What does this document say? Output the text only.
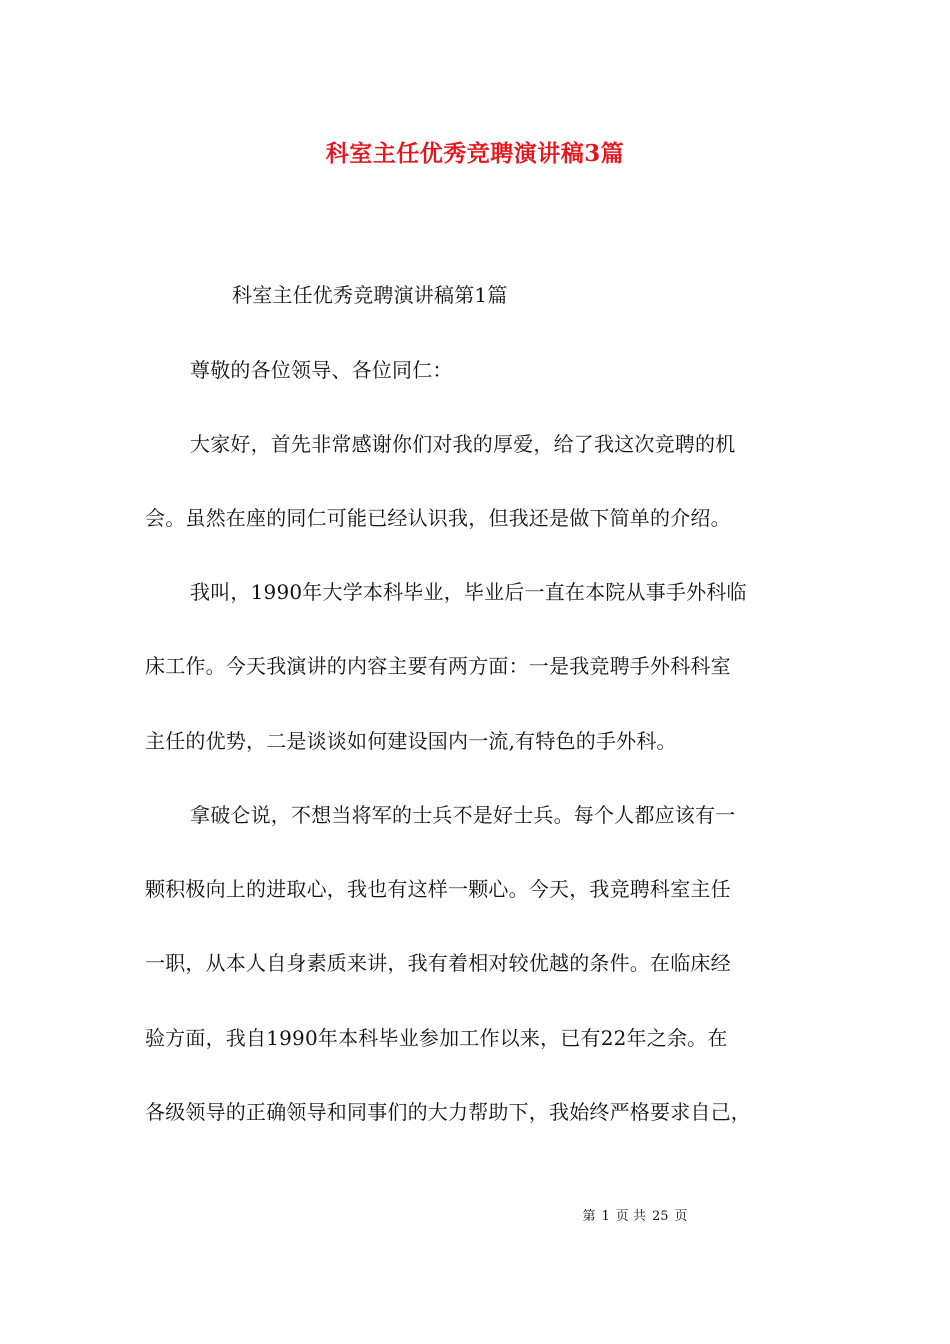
科室主任优秀竞聘演讲稿3篇
科室主任优秀竞聘演讲稿第1篇
尊敬的各位领导、各位同仁：
大家好，首先非常感谢你们对我的厚爱，给了我这次竞聘的机
会。虽然在座的同仁可能已经认识我，但我还是做下简单的介绍。
我叫，1990年大学本科毕业，毕业后一直在本院从事手外科临
床工作。今天我演讲的内容主要有两方面：一是我竞聘手外科科室
主任的优势，二是谈谈如何建设国内一流,有特色的手外科。
拿破仑说，不想当将军的士兵不是好士兵。每个人都应该有一
颗积极向上的进取心，我也有这样一颗心。今天，我竞聘科室主任
一职，从本人自身素质来讲，我有着相对较优越的条件。在临床经
验方面，我自1990年本科毕业参加工作以来，已有22年之余。在
各级领导的正确领导和同事们的大力帮助下，我始终严格要求自己，
第 1 页 共 25 页
